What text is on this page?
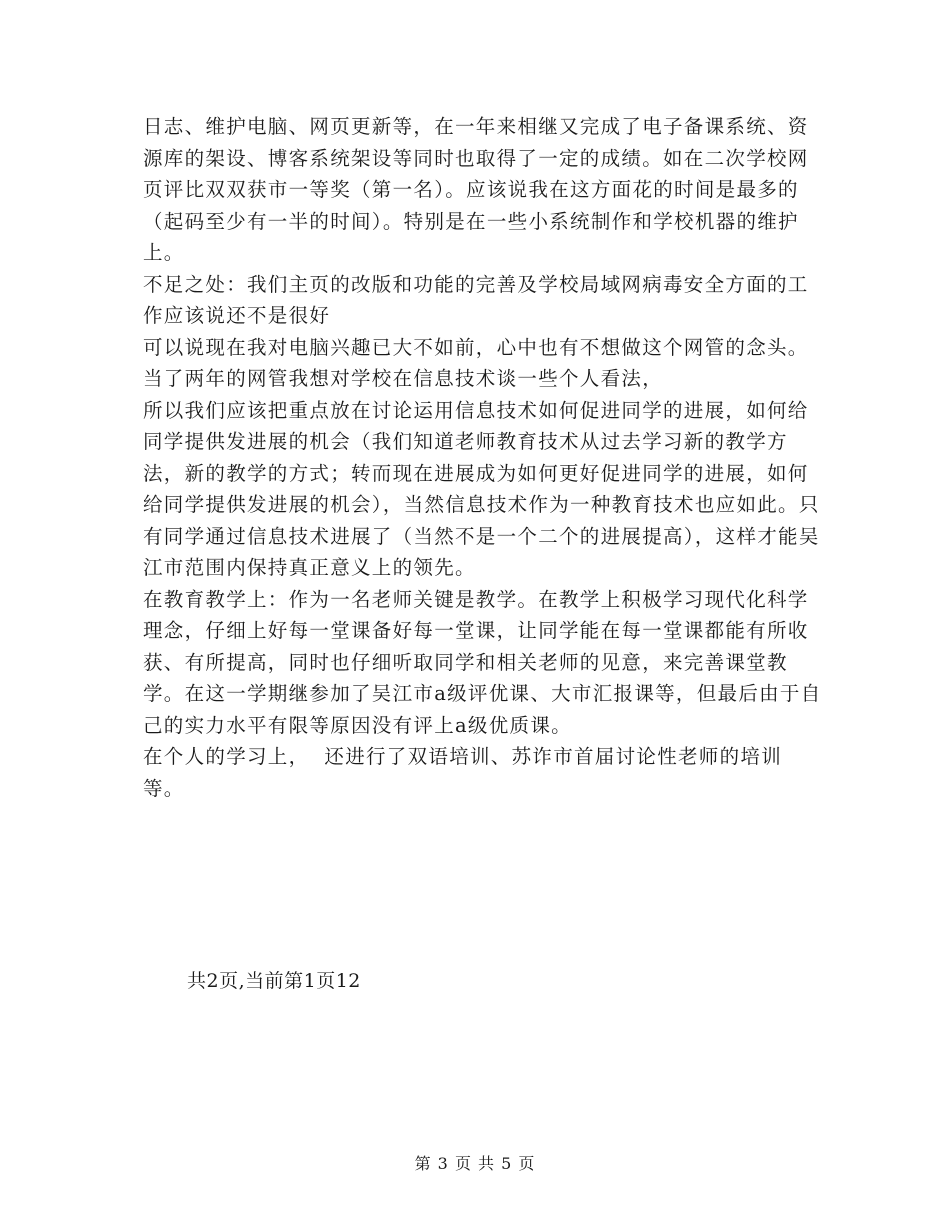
日志、维护电脑、网页更新等，在一年来相继又完成了电子备课系统、资源库的架设、博客系统架设等同时也取得了一定的成绩。如在二次学校网页评比双双获市一等奖（第一名）。应该说我在这方面花的时间是最多的（起码至少有一半的时间）。特别是在一些小系统制作和学校机器的维护上。

不足之处：我们主页的改版和功能的完善及学校局域网病毒安全方面的工作应该说还不是很好

可以说现在我对电脑兴趣已大不如前，心中也有不想做这个网管的念头。

当了两年的网管我想对学校在信息技术谈一些个人看法，

所以我们应该把重点放在讨论运用信息技术如何促进同学的进展，如何给同学提供发进展的机会（我们知道老师教育技术从过去学习新的教学方法，新的教学的方式；转而现在进展成为如何更好促进同学的进展，如何给同学提供发进展的机会），当然信息技术作为一种教育技术也应如此。只有同学通过信息技术进展了（当然不是一个二个的进展提高），这样才能吴江市范围内保持真正意义上的领先。

在教育教学上：作为一名老师关键是教学。在教学上积极学习现代化科学理念，仔细上好每一堂课备好每一堂课，让同学能在每一堂课都能有所收获、有所提高，同时也仔细听取同学和相关老师的见意，来完善课堂教学。在这一学期继参加了吴江市a级评优课、大市汇报课等，但最后由于自己的实力水平有限等原因没有评上a级优质课。

在个人的学习上，  还进行了双语培训、苏诈市首届讨论性老师的培训等。

共2页,当前第1页12
第 3 页 共 5 页
